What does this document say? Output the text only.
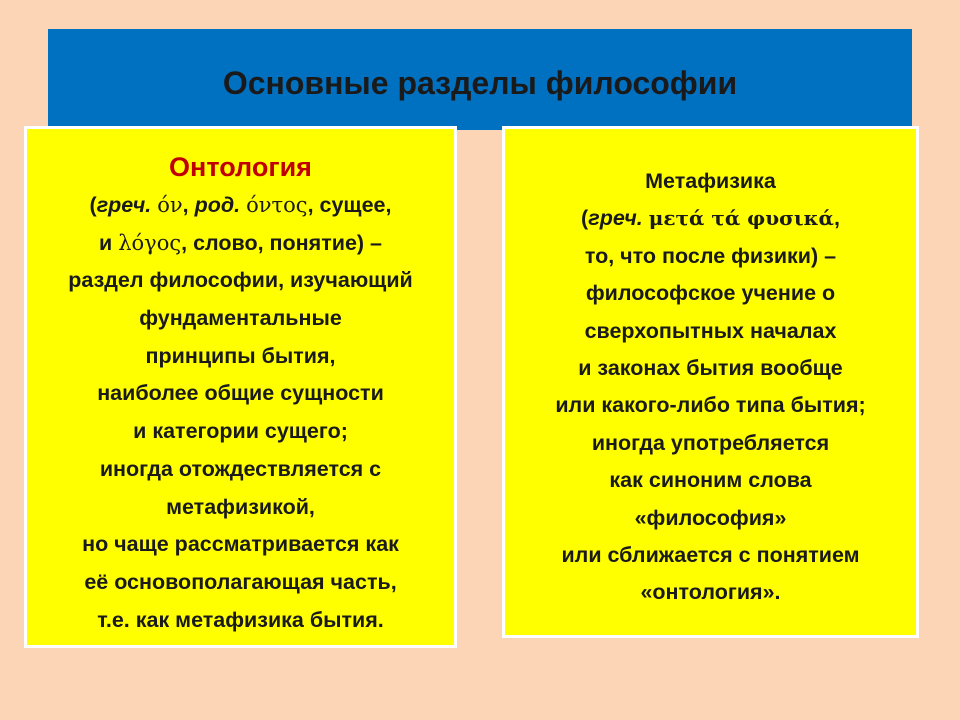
Основные разделы философии
Онтология
(греч. όν, род. όντος, сущее,
и λόγος, слово, понятие) –
раздел философии, изучающий
фундаментальные
принципы бытия,
наиболее общие сущности
и категории сущего;
иногда отождествляется с
метафизикой,
но чаще рассматривается как
её основополагающая часть,
т.е. как метафизика бытия.
Метафизика
(греч. μετά τά φυσικά,
то, что после физики) –
философское учение о
сверхопытных началах
и законах бытия вообще
или какого-либо типа бытия;
иногда употребляется
как синоним слова
«философия»
или сближается с понятием
«онтология».
